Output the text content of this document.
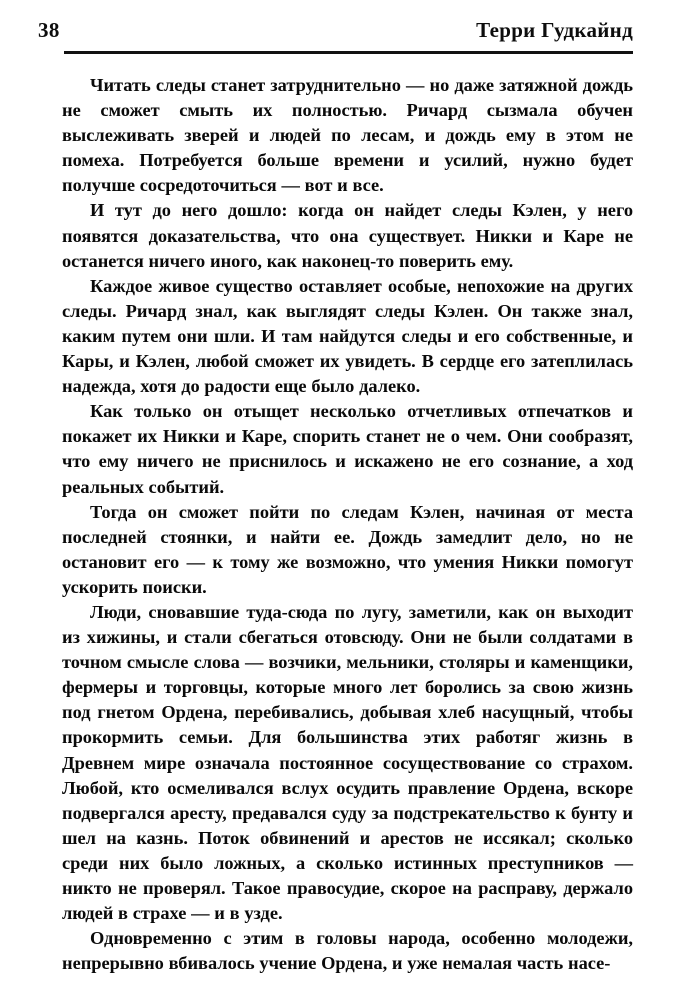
38	Терри Гудкайнд

Читать следы станет затруднительно — но даже затяжной дождь не сможет смыть их полностью. Ричард сызмала обучен выслеживать зверей и людей по лесам, и дождь ему в этом не помеха. Потребуется больше времени и усилий, нужно будет получше сосредоточиться — вот и все.

И тут до него дошло: когда он найдет следы Кэлен, у него появятся доказательства, что она существует. Никки и Каре не останется ничего иного, как наконец-то поверить ему.

Каждое живое существо оставляет особые, непохожие на других следы. Ричард знал, как выглядят следы Кэлен. Он также знал, каким путем они шли. И там найдутся следы и его собственные, и Кары, и Кэлен, любой сможет их увидеть. В сердце его затеплилась надежда, хотя до радости еще было далеко.

Как только он отыщет несколько отчетливых отпечатков и покажет их Никки и Каре, спорить станет не о чем. Они сообразят, что ему ничего не приснилось и искажено не его сознание, а ход реальных событий.

Тогда он сможет пойти по следам Кэлен, начиная от места последней стоянки, и найти ее. Дождь замедлит дело, но не остановит его — к тому же возможно, что умения Никки помогут ускорить поиски.

Люди, сновавшие туда-сюда по лугу, заметили, как он выходит из хижины, и стали сбегаться отовсюду. Они не были солдатами в точном смысле слова — возчики, мельники, столяры и каменщики, фермеры и торговцы, которые много лет боролись за свою жизнь под гнетом Ордена, перебивались, добывая хлеб насущный, чтобы прокормить семьи. Для большинства этих работяг жизнь в Древнем мире означала постоянное сосуществование со страхом. Любой, кто осмеливался вслух осудить правление Ордена, вскоре подвергался аресту, предавался суду за подстрекательство к бунту и шел на казнь. Поток обвинений и арестов не иссякал; сколько среди них было ложных, а сколько истинных преступников — никто не проверял. Такое правосудие, скорое на расправу, держало людей в страхе — и в узде.

Одновременно с этим в головы народа, особенно молодежи, непрерывно вбивалось учение Ордена, и уже немалая часть насе-
